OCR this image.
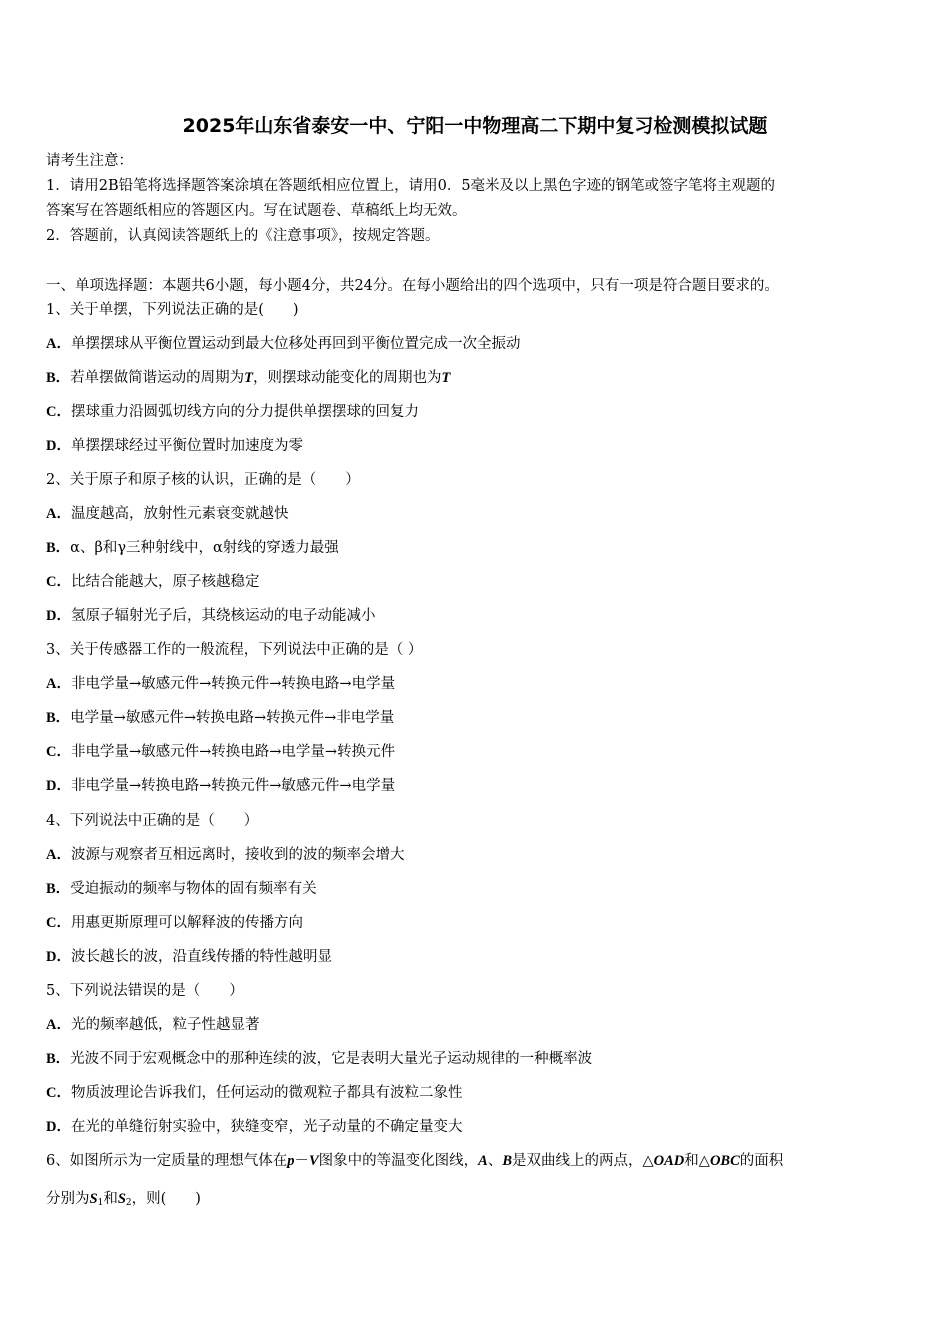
2025年山东省泰安一中、宁阳一中物理高二下期中复习检测模拟试题
请考生注意：
1．请用2B铅笔将选择题答案涂填在答题纸相应位置上，请用0．5毫米及以上黑色字迹的钢笔或签字笔将主观题的
答案写在答题纸相应的答题区内。写在试题卷、草稿纸上均无效。
2．答题前，认真阅读答题纸上的《注意事项》，按规定答题。
一、单项选择题：本题共6小题，每小题4分，共24分。在每小题给出的四个选项中，只有一项是符合题目要求的。
1、关于单摆，下列说法正确的是(　　)
A．单摆摆球从平衡位置运动到最大位移处再回到平衡位置完成一次全振动
B．若单摆做简谐运动的周期为T，则摆球动能变化的周期也为T
C．摆球重力沿圆弧切线方向的分力提供单摆摆球的回复力
D．单摆摆球经过平衡位置时加速度为零
2、关于原子和原子核的认识，正确的是（　　）
A．温度越高，放射性元素衰变就越快
B．α、β和γ三种射线中，α射线的穿透力最强
C．比结合能越大，原子核越稳定
D．氢原子辐射光子后，其绕核运动的电子动能减小
3、关于传感器工作的一般流程，下列说法中正确的是（ ）
A．非电学量→敏感元件→转换元件→转换电路→电学量
B．电学量→敏感元件→转换电路→转换元件→非电学量
C．非电学量→敏感元件→转换电路→电学量→转换元件
D．非电学量→转换电路→转换元件→敏感元件→电学量
4、下列说法中正确的是（　　）
A．波源与观察者互相远离时，接收到的波的频率会增大
B．受迫振动的频率与物体的固有频率有关
C．用惠更斯原理可以解释波的传播方向
D．波长越长的波，沿直线传播的特性越明显
5、下列说法错误的是（　　）
A．光的频率越低，粒子性越显著
B．光波不同于宏观概念中的那种连续的波，它是表明大量光子运动规律的一种概率波
C．物质波理论告诉我们，任何运动的微观粒子都具有波粒二象性
D．在光的单缝衍射实验中，狭缝变窄，光子动量的不确定量变大
6、如图所示为一定质量的理想气体在p－V图象中的等温变化图线，A、B是双曲线上的两点，△OAD和△OBC的面积
分别为$S_1$和$S_2$，则(　　)
